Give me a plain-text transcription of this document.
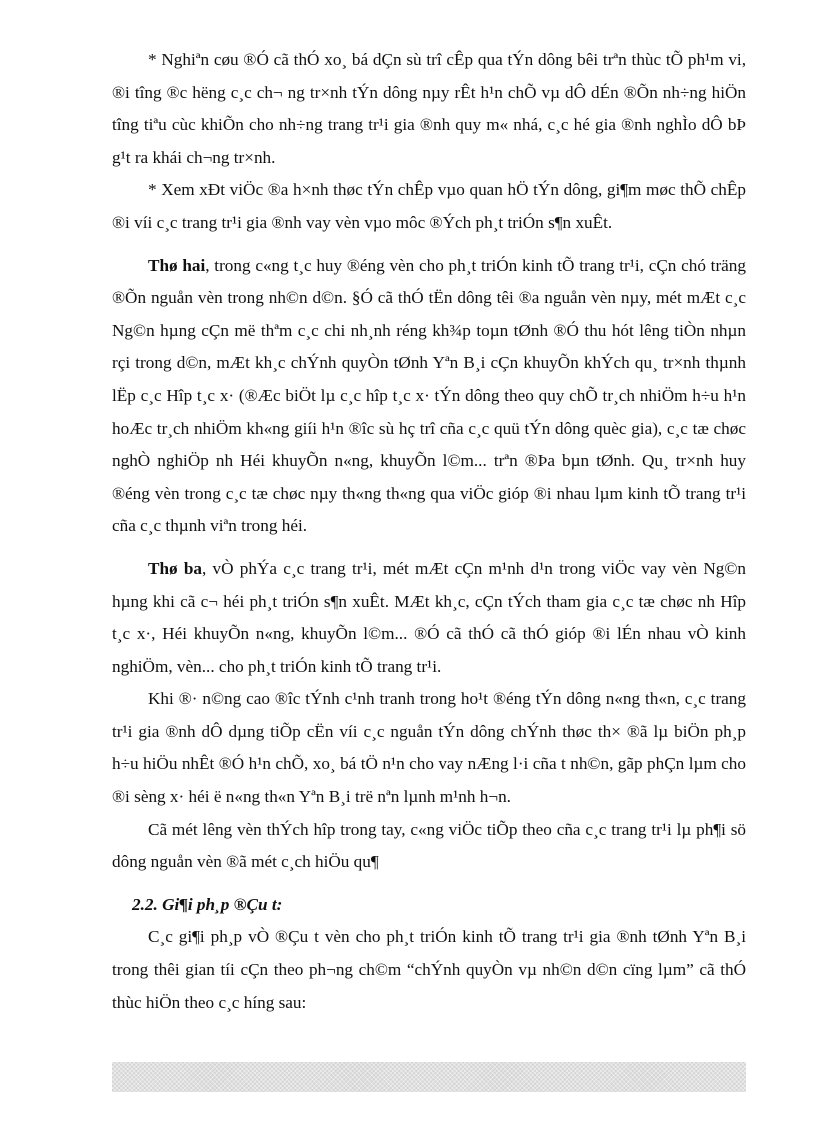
* Nghiªn cøu ®Ó cã thÓ xo¸ bá dÇn sù trî cÊp qua tÝn dông bêi trªn thùc tÕ ph¹m vi, ®i tîng ®c hëng c¸c ch¬ ng tr×nh tÝn dông nµy rÊt h¹n chÕ vµ dÔ dÉn ®Õn nh÷ng hiÖn tîng tiªu cùc khiÕn cho nh÷ng trang tr¹i gia ®nh quy m« nhá, c¸c hé gia ®nh nghÌo dÔ bÞ g¹t ra khái ch¬ng tr×nh.

* Xem xÐt viÖc ®a h×nh thøc tÝn chÊp vµo quan hÖ tÝn dông, gi¶m møc thÕ chÊp ®i víi c¸c trang tr¹i gia ®nh vay vèn vµo môc ®Ých ph¸t triÓn s¶n xuÊt.

Thø hai, trong c«ng t¸c huy ®éng vèn cho ph¸t triÓn kinh tÕ trang tr¹i, cÇn chó träng ®Õn nguån vèn trong nh©n d©n. §Ó cã thÓ tËn dông têi ®a nguån vèn nµy, mét mÆt c¸c Ng©n hµng cÇn më thªm c¸c chi nh¸nh réng kh¾p toµn tØnh ®Ó thu hót lêng tiÒn nhµn rçi trong d©n, mÆt kh¸c chÝnh quyÒn tØnh Yªn B¸i cÇn khuyÕn khÝch qu¸ tr×nh thµnh lËp c¸c Hîp t¸c x· (®Æc biÖt lµ c¸c hîp t¸c x· tÝn dông theo quy chÕ tr¸ch nhiÖm h÷u h¹n hoÆc tr¸ch nhiÖm kh«ng giíi h¹n ®îc sù hç trî cña c¸c quü tÝn dông quèc gia), c¸c tæ chøc nghÒ nghiÖp nh Héi khuyÕn n«ng, khuyÕn l©m... trªn ®Þa bµn tØnh. Qu¸ tr×nh huy ®éng vèn trong c¸c tæ chøc nµy th«ng th«ng qua viÖc gióp ®i nhau lµm kinh tÕ trang tr¹i cña c¸c thµnh viªn trong héi.

Thø ba, vÒ phÝa c¸c trang tr¹i, mét mÆt cÇn m¹nh d¹n trong viÖc vay vèn Ng©n hµng khi cã c¬ héi ph¸t triÓn s¶n xuÊt. MÆt kh¸c, cÇn tÝch tham gia c¸c tæ chøc nh Hîp t¸c x·, Héi khuyÕn n«ng, khuyÕn l©m... ®Ó cã thÓ cã thÓ gióp ®i lÉn nhau vÒ kinh nghiÖm, vèn... cho ph¸t triÓn kinh tÕ trang tr¹i.

Khi ®· n©ng cao ®îc tÝnh c¹nh tranh trong ho¹t ®éng tÝn dông n«ng th«n, c¸c trang tr¹i gia ®nh dÔ dµng tiÕp cËn víi c¸c nguån tÝn dông chÝnh thøc th× ®ã lµ biÖn ph¸p h÷u hiÖu nhÊt ®Ó h¹n chÕ, xo¸ bá tÖ n¹n cho vay nÆng l·i cña t nh©n, gãp phÇn lµm cho ®i sèng x· héi ë n«ng th«n Yªn B¸i trë nªn lµnh m¹nh h¬n.

Cã mét lêng vèn thÝch hîp trong tay, c«ng viÖc tiÕp theo cña c¸c trang tr¹i lµ ph¶i sö dông nguån vèn ®ã mét c¸ch hiÖu qu¶

2.2. Gi¶i ph¸p ®Çu t:

C¸c gi¶i ph¸p vÒ ®Çu t vèn cho ph¸t triÓn kinh tÕ trang tr¹i gia ®nh tØnh Yªn B¸i trong thêi gian tíi cÇn theo ph¬ng ch©m “chÝnh quyÒn vµ nh©n d©n cïng lµm” cã thÓ thùc hiÖn theo c¸c híng sau:
